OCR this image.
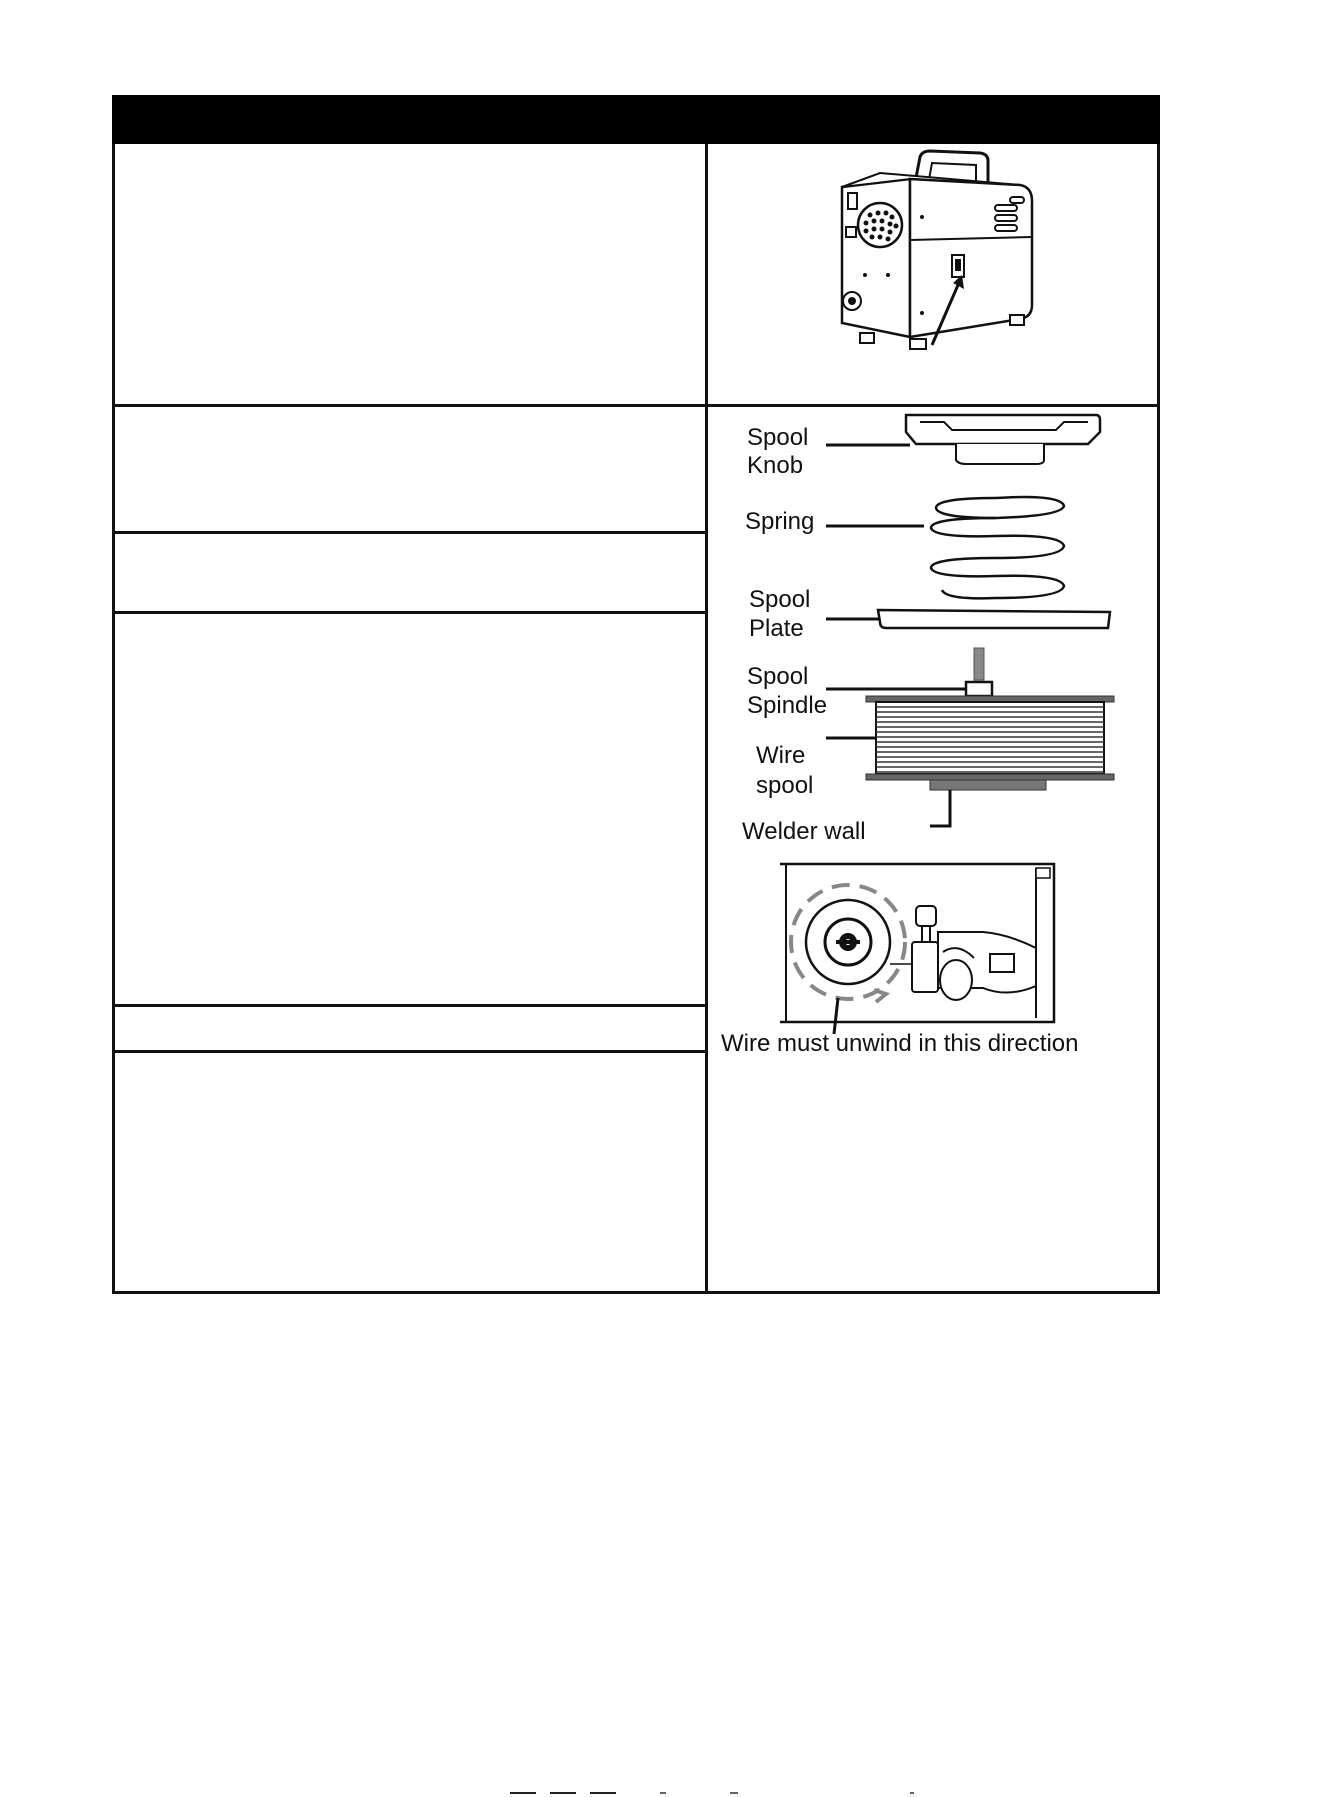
Spool
Knob
Spring
Spool
Plate
Spool
Spindle
Wire
spool
Welder wall
Wire must unwind in this direction
